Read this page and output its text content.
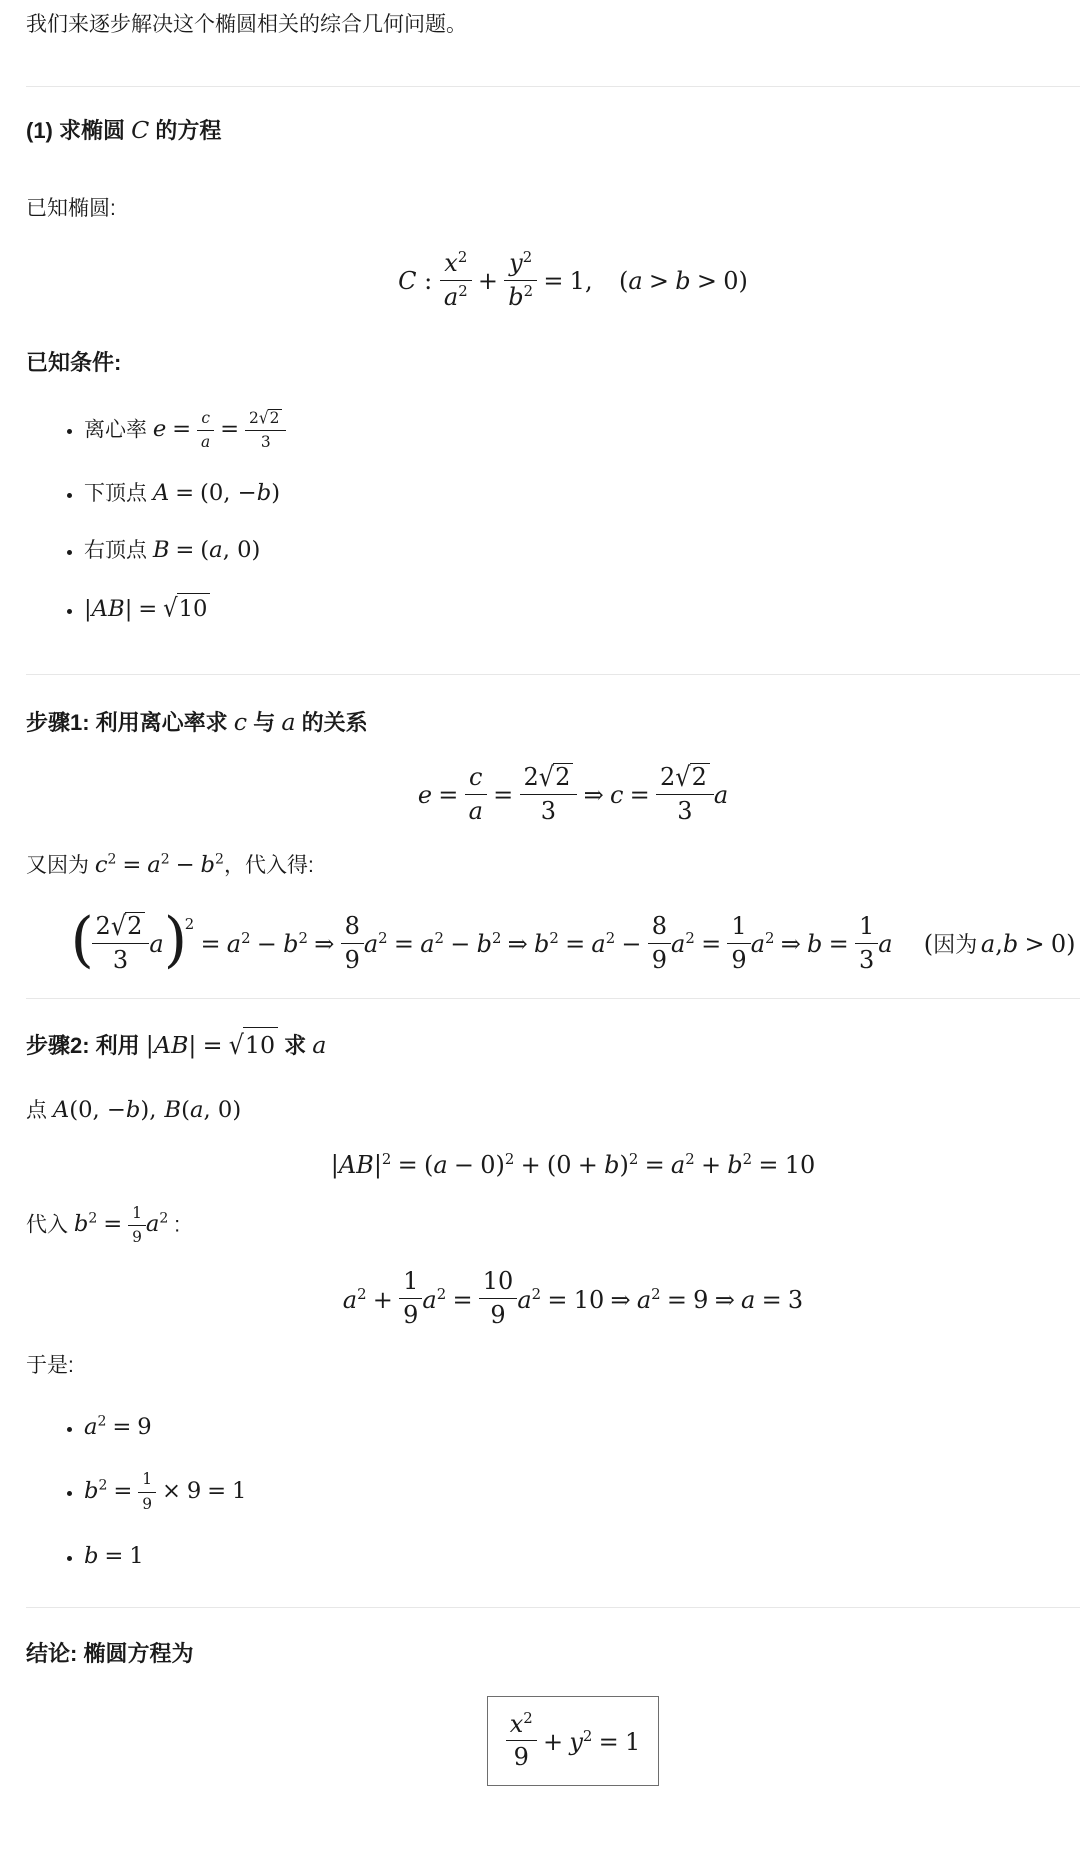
我们来逐步解决这个椭圆相关的综合几何问题。

(1) 求椭圆 C 的方程

已知椭圆:

C : $\frac{x^2}{a^2} + \frac{y^2}{b^2} = 1$, (a > b > 0)
已知条件:
• 离心率 $e = \frac{c}{a} = \frac{2√2}{3}$
• 下顶点 A = (0, −b)
• 右顶点 B = (a, 0)
• |AB| = √10
步骤1: 利用离心率求 c 与 a 的关系
$e = \frac{c}{a} = \frac{2√2}{3}$ ⇒ $c = \frac{2√2}{3}$ a

又因为 $c^2 = a^2 - b^2$，代入得:

( $\frac{2√2}{3} a)^2= a^2 - b^2$ ⇒ $\frac{8}{9} a^2 = a^2 - b^2$ ⇒ $b^2 = a^2 - \frac{8}{9} a^2 = \frac{1}{9} a^2$ ⇒ $b = \frac{1}{3}$ a (因为 a,b > 0)
步骤2: 利用 |AB| = √10 求 a

点 A(0, −b), B(a, 0)

$|AB|^2 = (a - 0)^2 + (0 + b)^2 = a^2 + b^2 = 10$

代入 $b^2 = \frac{1}{9} a^2$ :

$a^2 + \frac{1}{9} a^2 = \frac{10}{9} a^2 = 10$ ⇒ $a^2 = 9$ ⇒ a = 3

于是:

• $a^2 = 9$
• $b^2 = \frac{1}{9} \times 9 = 1$
• b = 1
结论: 椭圆方程为
$\frac{x^2}{9} + y^2 = 1$
